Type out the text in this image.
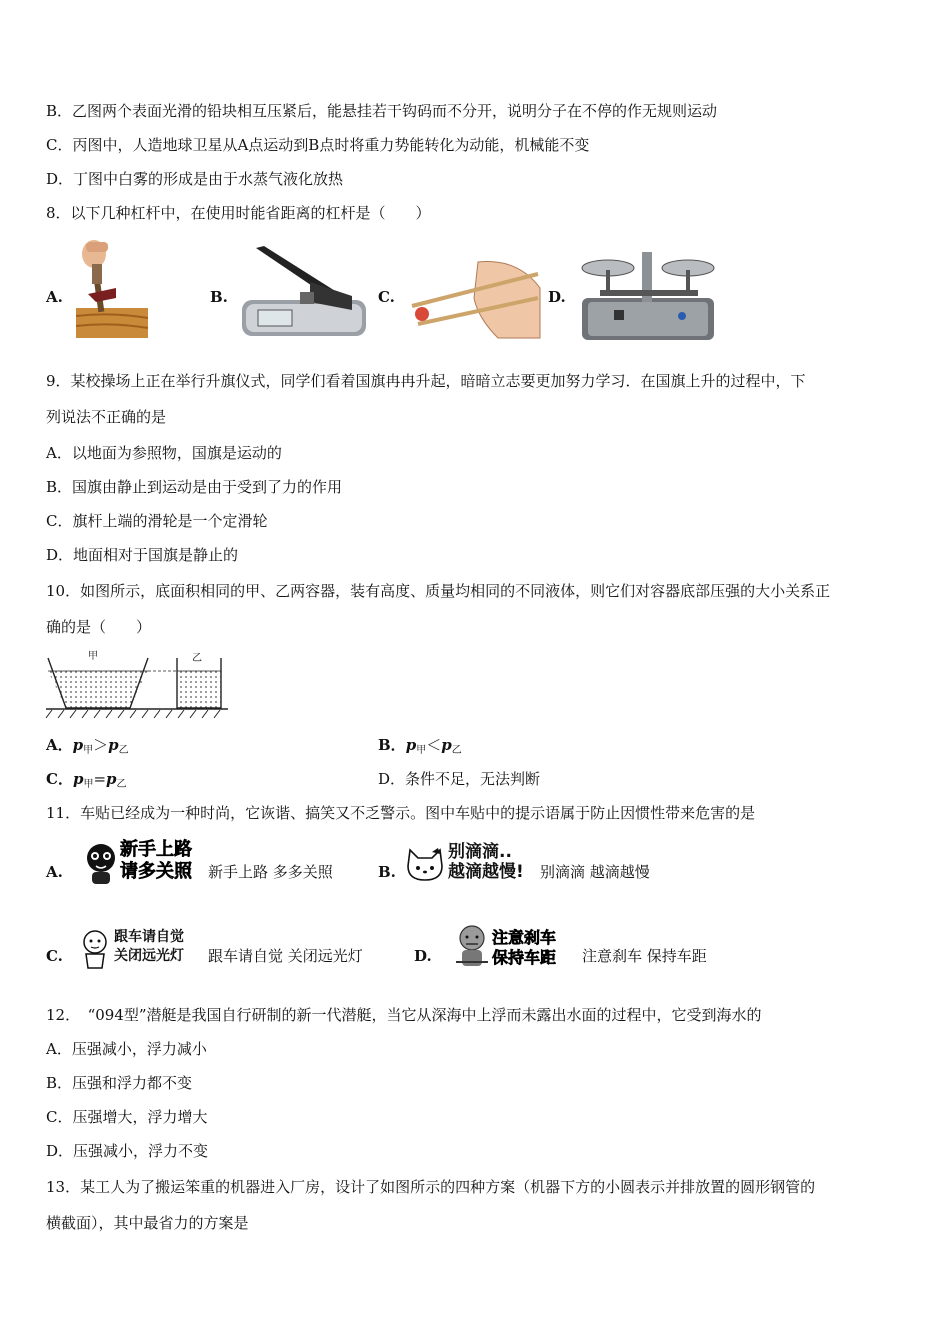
B．乙图两个表面光滑的铅块相互压紧后，能悬挂若干钩码而不分开，说明分子在不停的作无规则运动
C．丙图中，人造地球卫星从A点运动到B点时将重力势能转化为动能，机械能不变
D．丁图中白雾的形成是由于水蒸气液化放热
8．以下几种杠杆中，在使用时能省距离的杠杆是（　　）
A.	B.	C.	D.
9．某校操场上正在举行升旗仪式，同学们看着国旗冉冉升起，暗暗立志要更加努力学习．在国旗上升的过程中，下
列说法不正确的是
A．以地面为参照物，国旗是运动的
B．国旗由静止到运动是由于受到了力的作用
C．旗杆上端的滑轮是一个定滑轮
D．地面相对于国旗是静止的
10．如图所示，底面积相同的甲、乙两容器，装有高度、质量均相同的不同液体，则它们对容器底部压强的大小关系正
确的是（　　）
甲	乙
A．$p_甲>p_乙$	B．$p_甲<p_乙$
C．$p_甲=p_乙$	D．条件不足，无法判断
11．车贴已经成为一种时尚，它诙谐、搞笑又不乏警示。图中车贴中的提示语属于防止因惯性带来危害的是
A.
新手上路
请多关照 新手上路 多多关照	B.
别滴滴..
越滴越慢! 别滴滴 越滴越慢
C.
跟车请自觉
关闭远光灯 跟车请自觉 关闭远光灯	D.
注意刹车
保持车距 注意刹车 保持车距
12．　“094型”潜艇是我国自行研制的新一代潜艇，当它从深海中上浮而未露出水面的过程中，它受到海水的
A．压强减小，浮力减小
B．压强和浮力都不变
C．压强增大，浮力增大
D．压强减小，浮力不变
13．某工人为了搬运笨重的机器进入厂房，设计了如图所示的四种方案（机器下方的小圆表示并排放置的圆形钢管的
横截面），其中最省力的方案是
